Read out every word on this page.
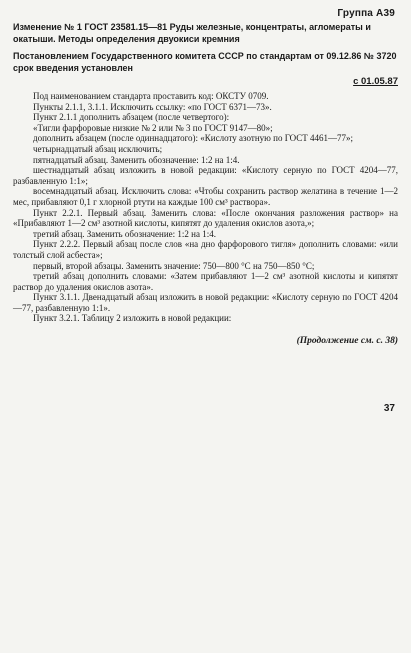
Группа А39
Изменение № 1 ГОСТ 23581.15—81 Руды железные, концентраты, агломераты и окатыши. Методы определения двуокиси кремния
Постановлением Государственного комитета СССР по стандартам от 09.12.86 № 3720 срок введения установлен
с 01.05.87

Под наименованием стандарта проставить код: ОКСТУ 0709.

Пункты 2.1.1, 3.1.1. Исключить ссылку: «по ГОСТ 6371—73».

Пункт 2.1.1 дополнить абзацем (после четвертого):

«Тигли фарфоровые низкие № 2 или № 3 по ГОСТ 9147—80»;

дополнить абзацем (после одиннадцатого): «Кислоту азотную по ГОСТ 4461—77»;

четырнадцатый абзац исключить;

пятнадцатый абзац. Заменить обозначение: 1:2 на 1:4.

шестнадцатый абзац изложить в новой редакции: «Кислоту серную по ГОСТ 4204—77, разбавленную 1:1»;

восемнадцатый абзац. Исключить слова: «Чтобы сохранить раствор желатина в течение 1—2 мес, прибавляют 0,1 г хлорной ртути на каждые 100 см³ раствора».

Пункт 2.2.1. Первый абзац. Заменить слова: «После окончания разложения раствор» на «Прибавляют 1—2 см³ азотной кислоты, кипятят до удаления окислов азота,»;

третий абзац. Заменить обозначение: 1:2 на 1:4.

Пункт 2.2.2. Первый абзац после слов «на дно фарфорового тигля» дополнить словами: «или толстый слой асбеста»;

первый, второй абзацы. Заменить значение: 750—800 °С на 750—850 °С;

третий абзац дополнить словами: «Затем прибавляют 1—2 см³ азотной кислоты и кипятят раствор до удаления окислов азота».

Пункт 3.1.1. Двенадцатый абзац изложить в новой редакции: «Кислоту серную по ГОСТ 4204—77, разбавленную 1:1».

Пункт 3.2.1. Таблицу 2 изложить в новой редакции:

(Продолжение см. с. 38)
37
